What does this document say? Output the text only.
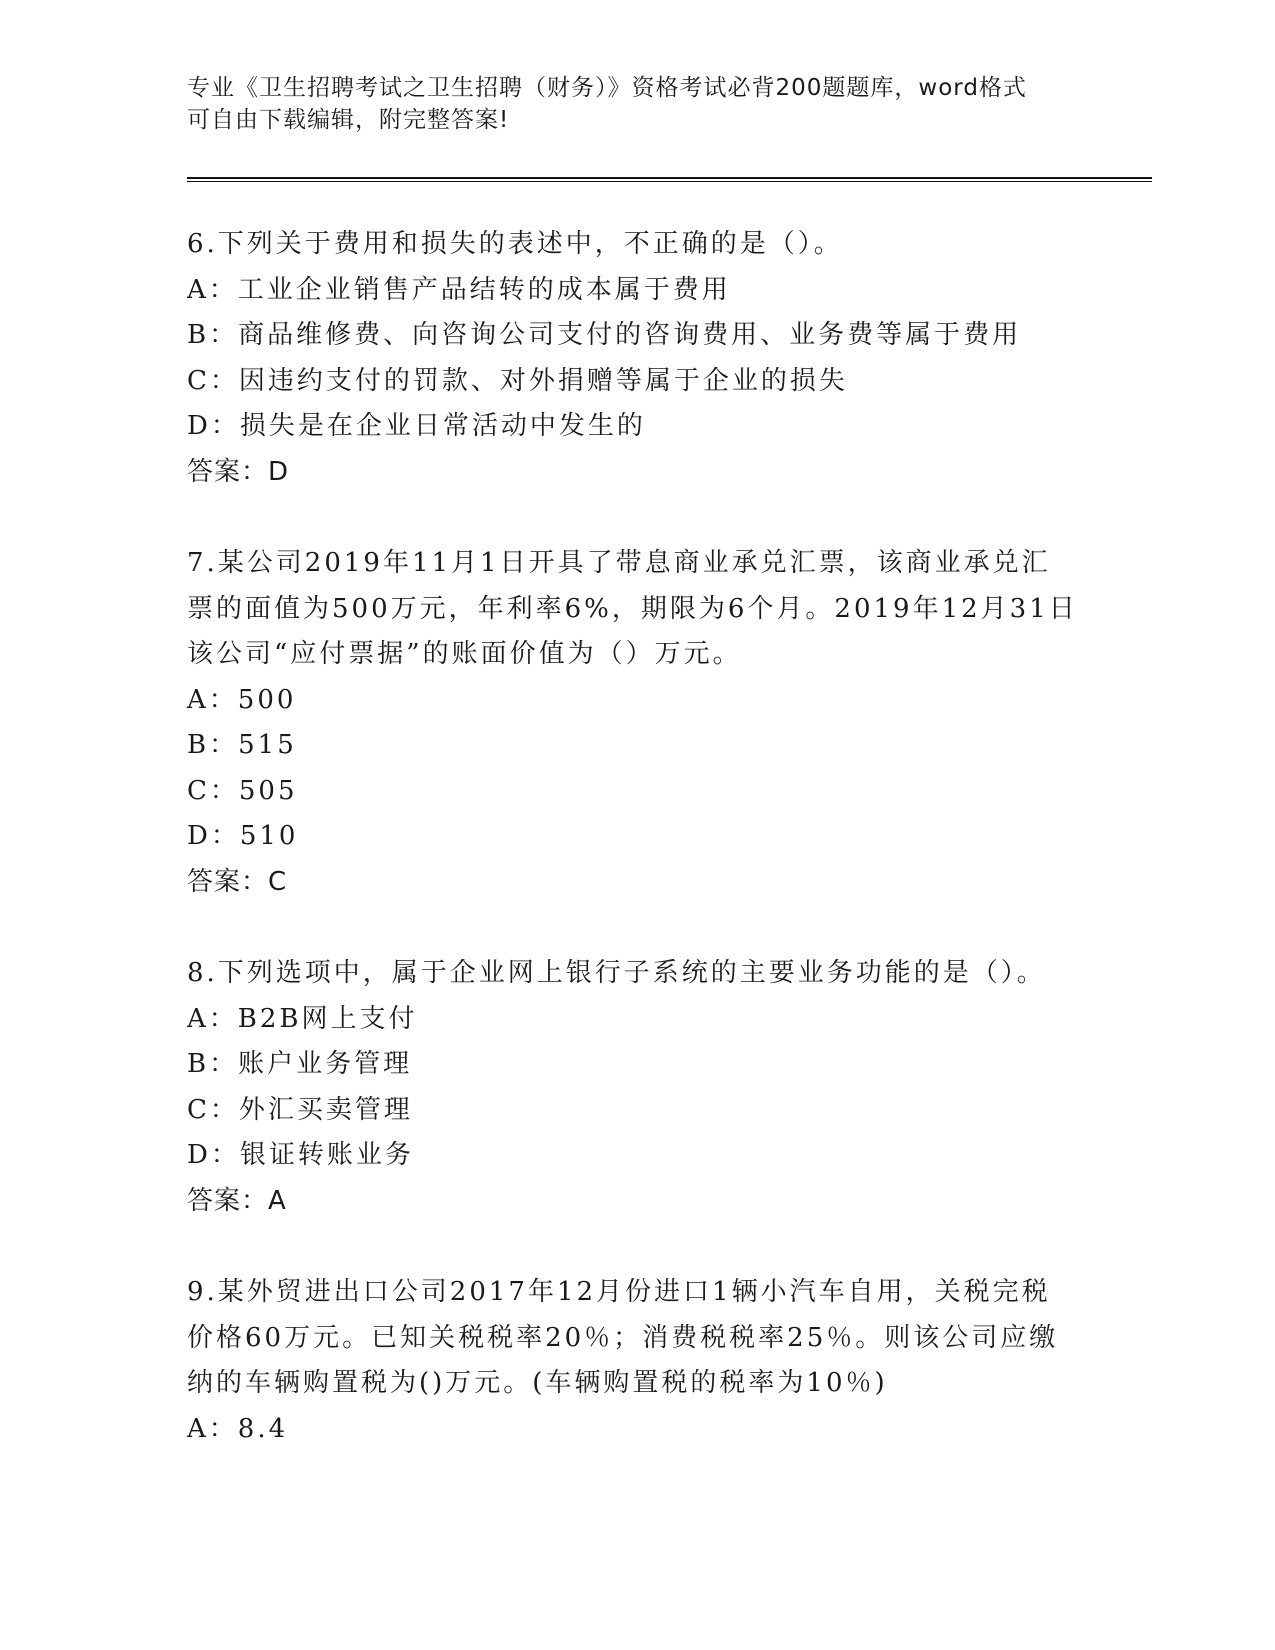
专业《卫生招聘考试之卫生招聘（财务）》资格考试必背200题题库，word格式
可自由下载编辑，附完整答案!
6.下列关于费用和损失的表述中，不正确的是（）。
A：工业企业销售产品结转的成本属于费用
B：商品维修费、向咨询公司支付的咨询费用、业务费等属于费用
C：因违约支付的罚款、对外捐赠等属于企业的损失
D：损失是在企业日常活动中发生的
答案：D
7.某公司2019年11月1日开具了带息商业承兑汇票，该商业承兑汇
票的面值为500万元，年利率6%，期限为6个月。2019年12月31日
该公司“应付票据”的账面价值为（）万元。
A：500
B：515
C：505
D：510
答案：C
8.下列选项中，属于企业网上银行子系统的主要业务功能的是（）。
A：B2B网上支付
B：账户业务管理
C：外汇买卖管理
D：银证转账业务
答案：A
9.某外贸进出口公司2017年12月份进口1辆小汽车自用，关税完税
价格60万元。已知关税税率20％；消费税税率25％。则该公司应缴
纳的车辆购置税为()万元。(车辆购置税的税率为10％)
A：8.4
